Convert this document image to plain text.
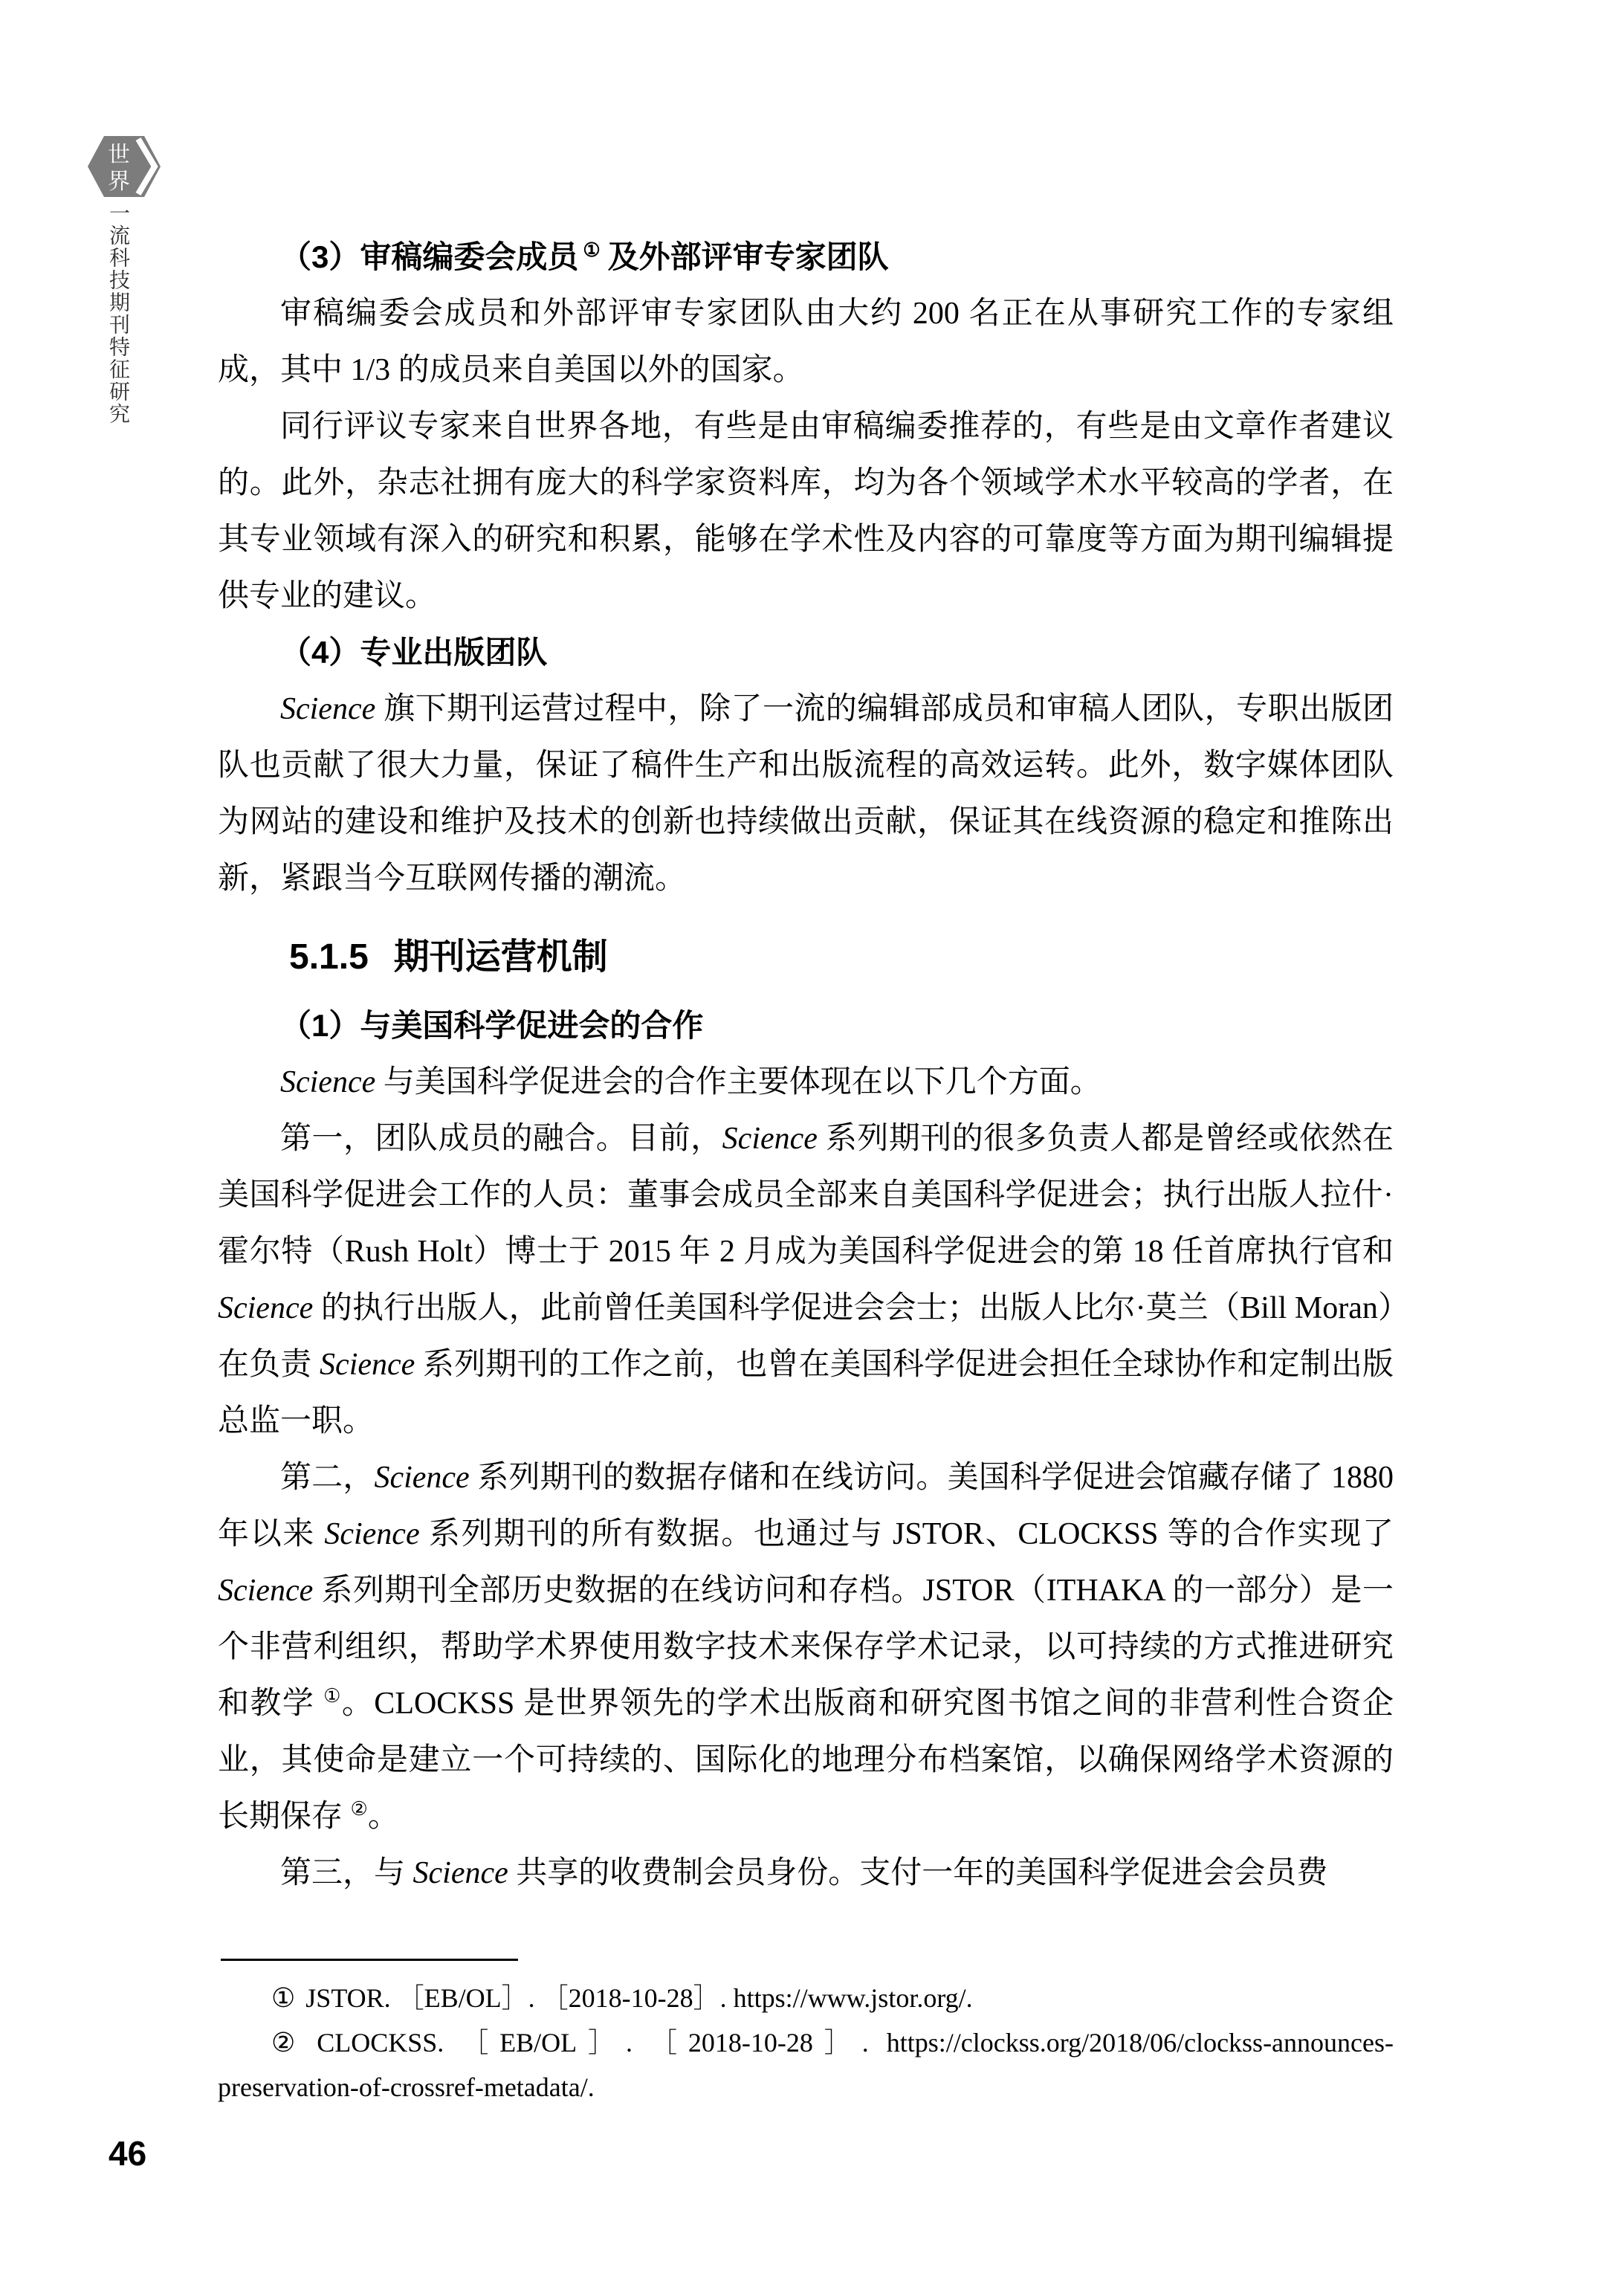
世
界
一流科技期刊特征研究	（3）审稿编委会成员 ① 及外部评审专家团队

审稿编委会成员和外部评审专家团队由大约 200 名正在从事研究工作的专家组成，其中 1/3 的成员来自美国以外的国家。

同行评议专家来自世界各地，有些是由审稿编委推荐的，有些是由文章作者建议的。此外，杂志社拥有庞大的科学家资料库，均为各个领域学术水平较高的学者，在其专业领域有深入的研究和积累，能够在学术性及内容的可靠度等方面为期刊编辑提供专业的建议。

（4）专业出版团队

Science 旗下期刊运营过程中，除了一流的编辑部成员和审稿人团队，专职出版团队也贡献了很大力量，保证了稿件生产和出版流程的高效运转。此外，数字媒体团队为网站的建设和维护及技术的创新也持续做出贡献，保证其在线资源的稳定和推陈出新，紧跟当今互联网传播的潮流。

5.1.5 期刊运营机制
（1）与美国科学促进会的合作

Science 与美国科学促进会的合作主要体现在以下几个方面。

第一，团队成员的融合。目前，Science 系列期刊的很多负责人都是曾经或依然在美国科学促进会工作的人员：董事会成员全部来自美国科学促进会；执行出版人拉什·霍尔特（Rush Holt）博士于 2015 年 2 月成为美国科学促进会的第 18 任首席执行官和 Science 的执行出版人，此前曾任美国科学促进会会士；出版人比尔·莫兰（Bill Moran）在负责 Science 系列期刊的工作之前，也曾在美国科学促进会担任全球协作和定制出版总监一职。

第二，Science 系列期刊的数据存储和在线访问。美国科学促进会馆藏存储了 1880 年以来 Science 系列期刊的所有数据。也通过与 JSTOR、CLOCKSS 等的合作实现了 Science 系列期刊全部历史数据的在线访问和存档。JSTOR（ITHAKA 的一部分）是一个非营利组织，帮助学术界使用数字技术来保存学术记录，以可持续的方式推进研究和教学 ①。CLOCKSS 是世界领先的学术出版商和研究图书馆之间的非营利性合资企业，其使命是建立一个可持续的、国际化的地理分布档案馆，以确保网络学术资源的长期保存 ②。

第三，与 Science 共享的收费制会员身份。支付一年的美国科学促进会会员费

① JSTOR. ［EB/OL］. ［2018-10-28］. https://www.jstor.org/.

② CLOCKSS. ［EB/OL］. ［2018-10-28］. https://clockss.org/2018/06/clockss-announces-preservation-of-crossref-metadata/.

46
